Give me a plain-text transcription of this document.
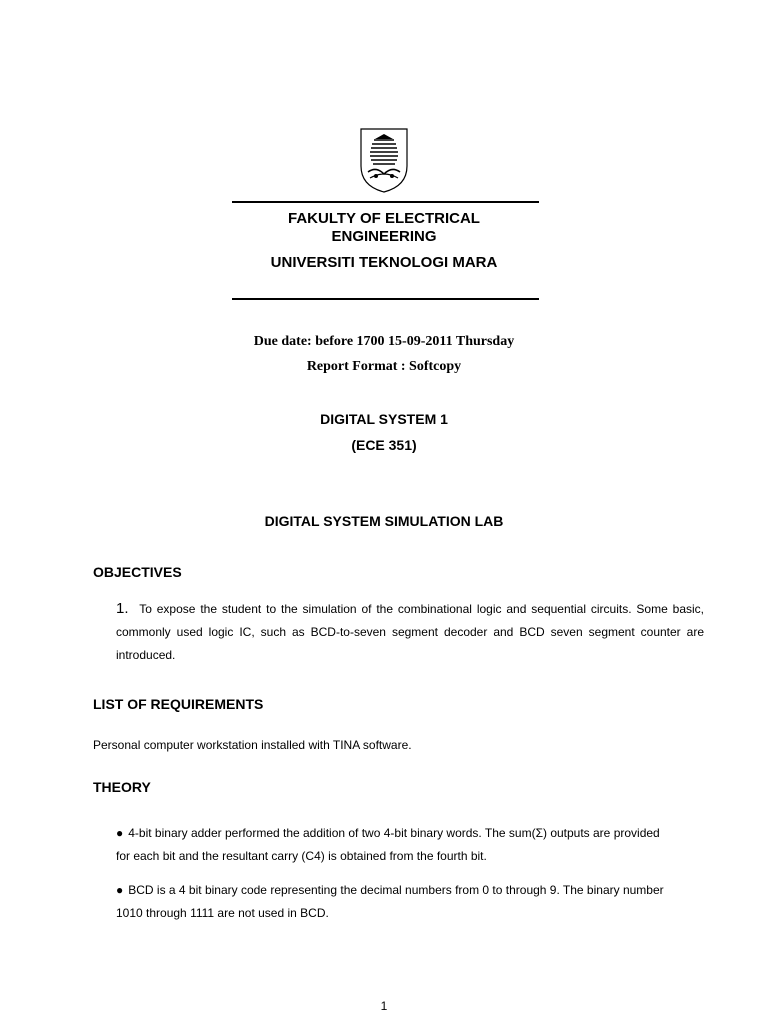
FAKULTY OF ELECTRICAL
ENGINEERING
UNIVERSITI TEKNOLOGI MARA
Due date: before 1700 15-09-2011 Thursday
Report Format : Softcopy
DIGITAL SYSTEM 1
(ECE 351)
DIGITAL SYSTEM SIMULATION LAB
OBJECTIVES
1. To expose the student to the simulation of the combinational logic and sequential circuits. Some basic, commonly used logic IC, such as BCD-to-seven segment decoder and BCD seven segment counter are introduced.
LIST OF REQUIREMENTS
Personal computer workstation installed with TINA software.
THEORY
● 4-bit binary adder performed the addition of two 4-bit binary words. The sum(Σ) outputs are provided for each bit and the resultant carry (C4) is obtained from the fourth bit.
● BCD is a 4 bit binary code representing the decimal numbers from 0 to through 9. The binary number 1010 through 1111 are not used in BCD.
1
